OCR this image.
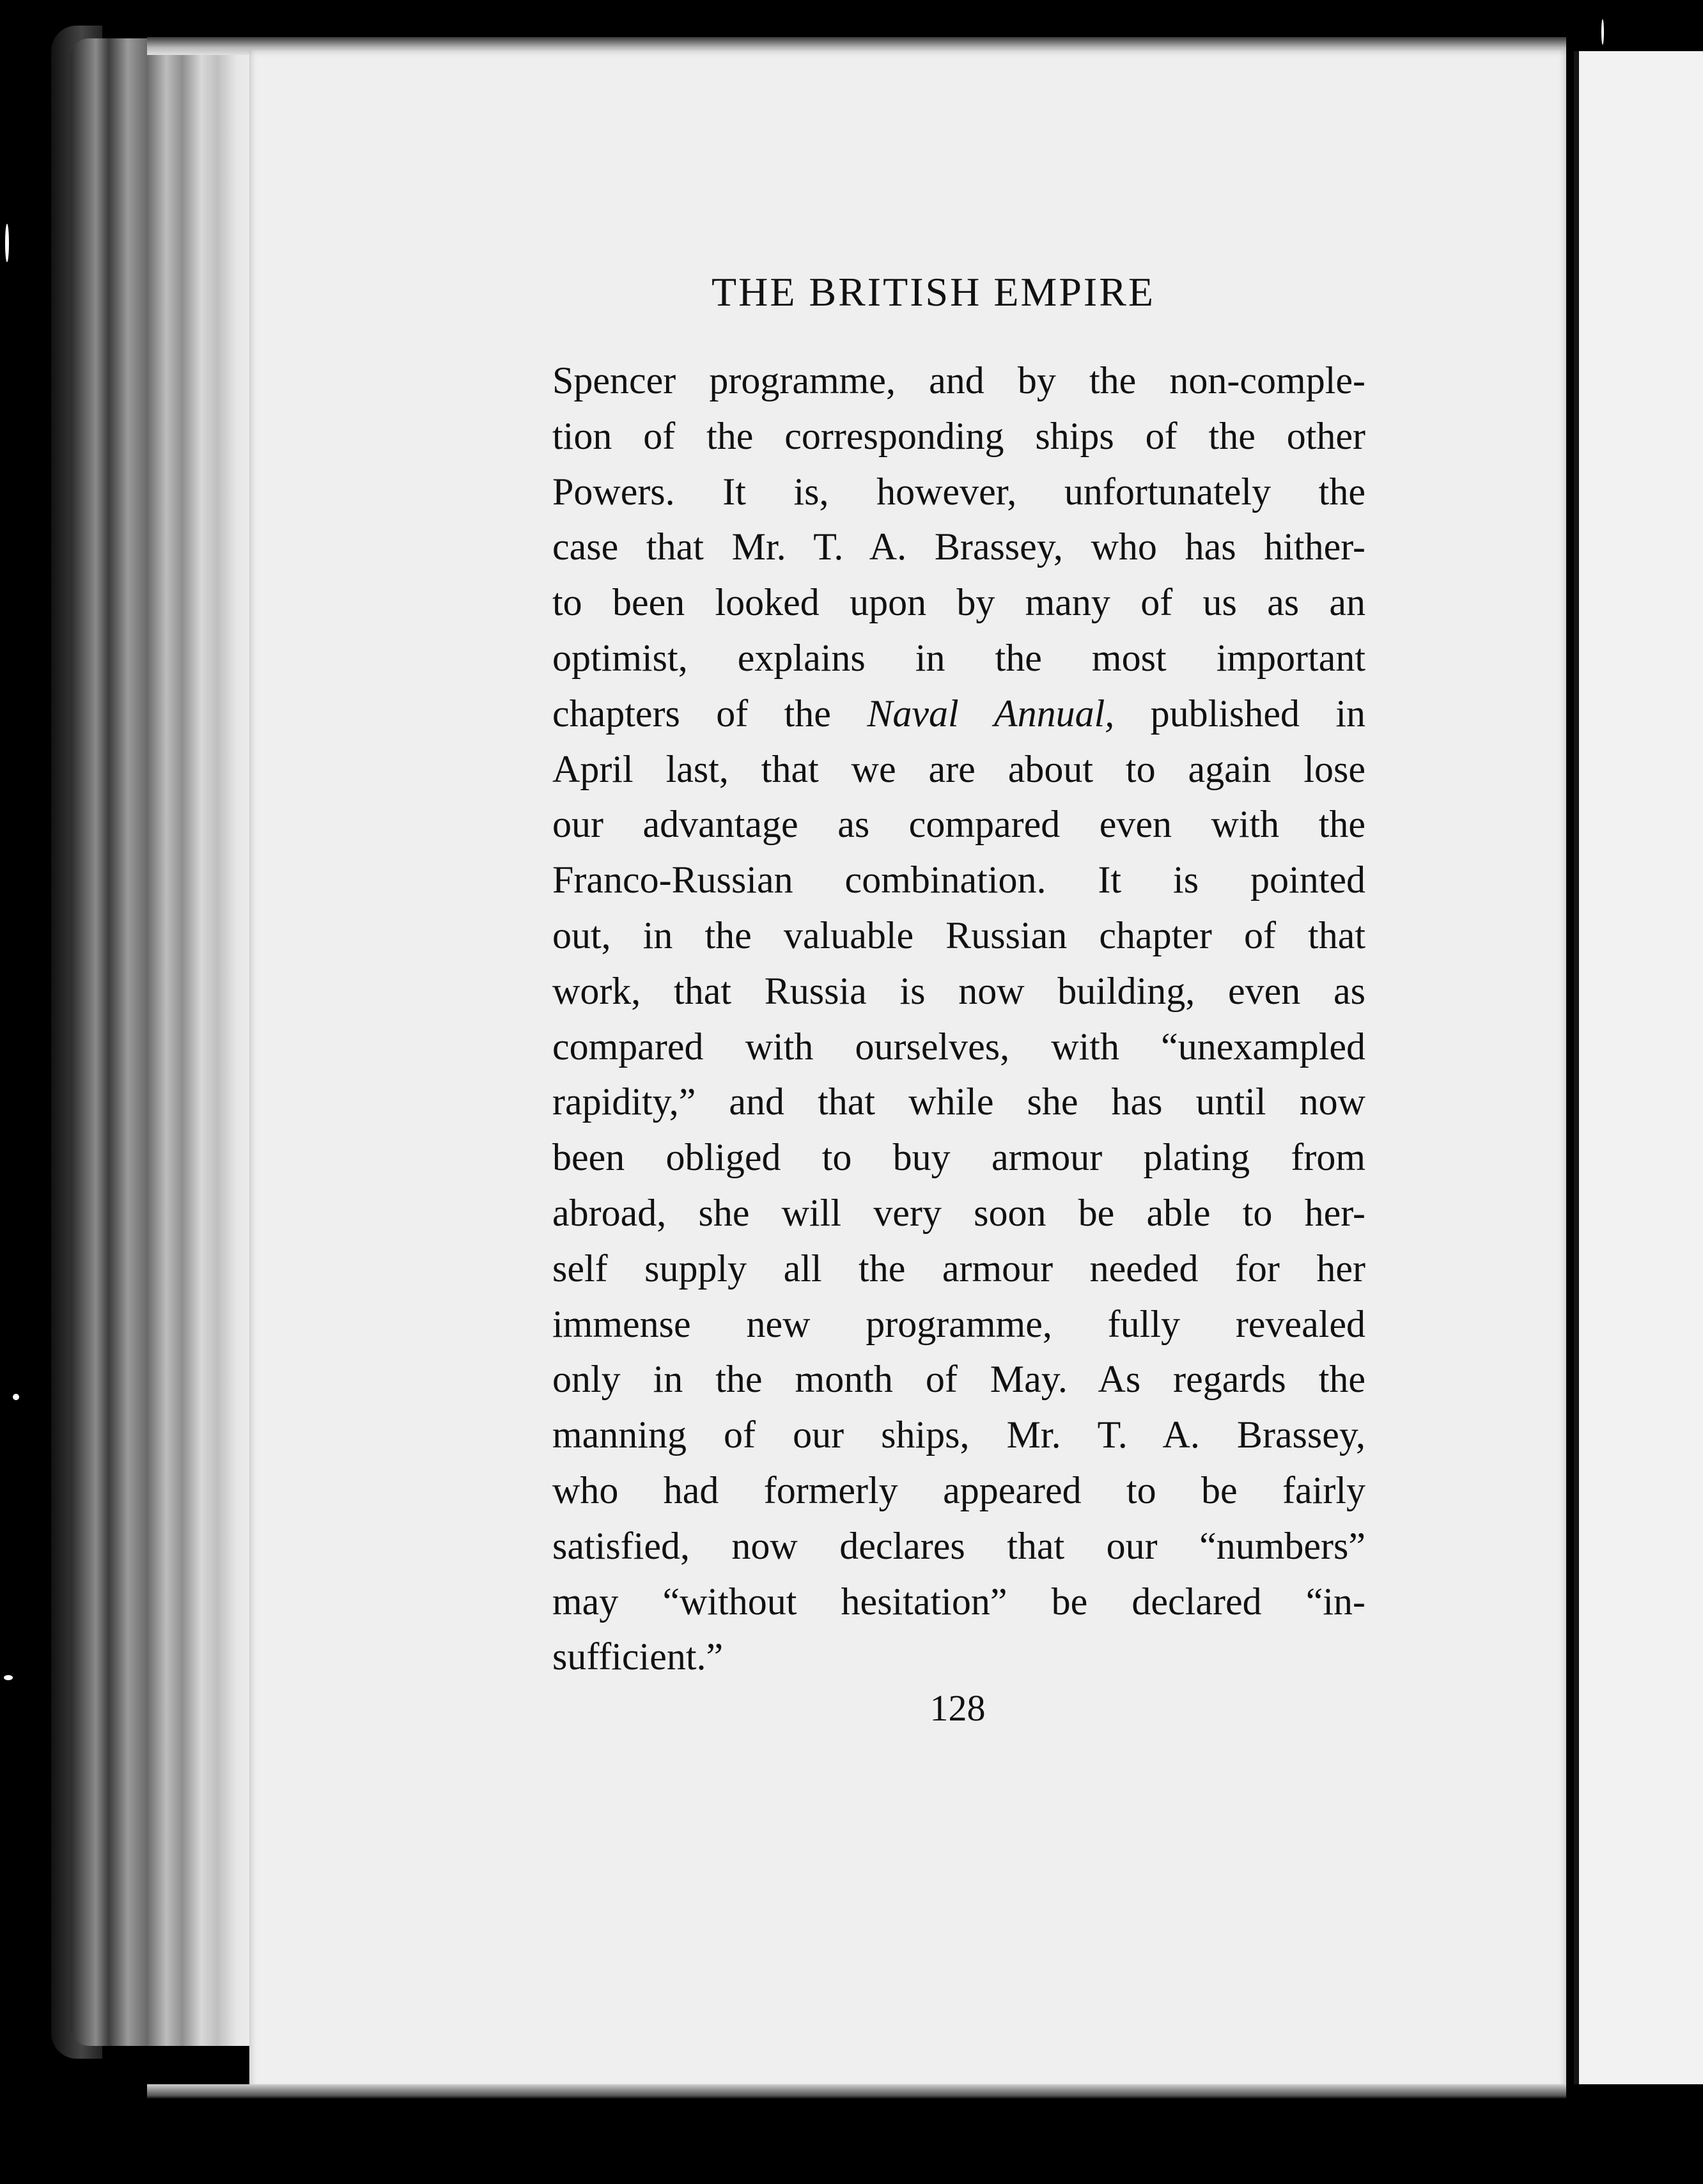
THE BRITISH EMPIRE
Spencer programme, and by the non-comple-
tion of the corresponding ships of the other
Powers. It is, however, unfortunately the
case that Mr. T. A. Brassey, who has hither-
to been looked upon by many of us as an
optimist, explains in the most important
chapters of the Naval Annual, published in
April last, that we are about to again lose
our advantage as compared even with the
Franco-Russian combination. It is pointed
out, in the valuable Russian chapter of that
work, that Russia is now building, even as
compared with ourselves, with “unexampled
rapidity,” and that while she has until now
been obliged to buy armour plating from
abroad, she will very soon be able to her-
self supply all the armour needed for her
immense new programme, fully revealed
only in the month of May. As regards the
manning of our ships, Mr. T. A. Brassey,
who had formerly appeared to be fairly
satisfied, now declares that our “numbers”
may “without hesitation” be declared “in-
sufficient.”
128
